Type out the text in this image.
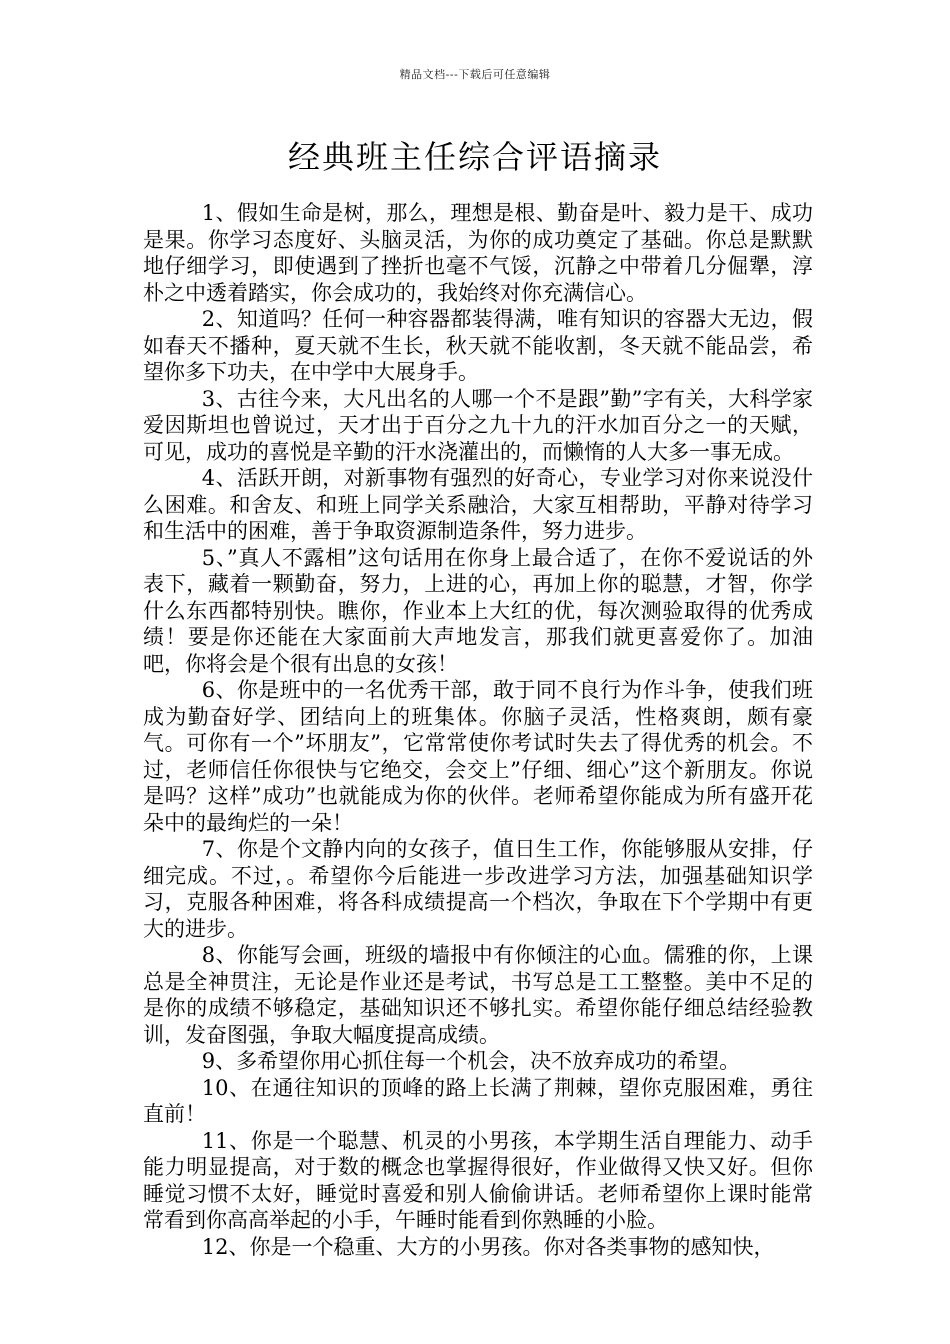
精品文档---下载后可任意编辑
经典班主任综合评语摘录

1、假如生命是树，那么，理想是根、勤奋是叶、毅力是干、成功是果。你学习态度好、头脑灵活，为你的成功奠定了基础。你总是默默地仔细学习，即使遇到了挫折也毫不气馁，沉静之中带着几分倔犟，淳朴之中透着踏实，你会成功的，我始终对你充满信心。

2、知道吗？任何一种容器都装得满，唯有知识的容器大无边，假如春天不播种，夏天就不生长，秋天就不能收割，冬天就不能品尝，希望你多下功夫，在中学中大展身手。

3、古往今来，大凡出名的人哪一个不是跟”勤”字有关，大科学家爱因斯坦也曾说过，天才出于百分之九十九的汗水加百分之一的天赋，可见，成功的喜悦是辛勤的汗水浇灌出的，而懒惰的人大多一事无成。

4、活跃开朗，对新事物有强烈的好奇心，专业学习对你来说没什么困难。和舍友、和班上同学关系融洽，大家互相帮助，平静对待学习和生活中的困难，善于争取资源制造条件，努力进步。

5、”真人不露相”这句话用在你身上最合适了，在你不爱说话的外表下，藏着一颗勤奋，努力，上进的心，再加上你的聪慧，才智，你学什么东西都特别快。瞧你，作业本上大红的优，每次测验取得的优秀成绩！要是你还能在大家面前大声地发言，那我们就更喜爱你了。加油吧，你将会是个很有出息的女孩！

6、你是班中的一名优秀干部，敢于同不良行为作斗争，使我们班成为勤奋好学、团结向上的班集体。你脑子灵活，性格爽朗，颇有豪气。可你有一个”坏朋友”，它常常使你考试时失去了得优秀的机会。不过，老师信任你很快与它绝交，会交上”仔细、细心”这个新朋友。你说是吗？这样”成功”也就能成为你的伙伴。老师希望你能成为所有盛开花朵中的最绚烂的一朵！

7、你是个文静内向的女孩子，值日生工作，你能够服从安排，仔细完成。不过，。希望你今后能进一步改进学习方法，加强基础知识学习，克服各种困难，将各科成绩提高一个档次，争取在下个学期中有更大的进步。

8、你能写会画，班级的墙报中有你倾注的心血。儒雅的你，上课总是全神贯注，无论是作业还是考试，书写总是工工整整。美中不足的是你的成绩不够稳定，基础知识还不够扎实。希望你能仔细总结经验教训，发奋图强，争取大幅度提高成绩。

9、多希望你用心抓住每一个机会，决不放弃成功的希望。

10、在通往知识的顶峰的路上长满了荆棘，望你克服困难，勇往直前！

11、你是一个聪慧、机灵的小男孩，本学期生活自理能力、动手能力明显提高，对于数的概念也掌握得很好，作业做得又快又好。但你睡觉习惯不太好，睡觉时喜爱和别人偷偷讲话。老师希望你上课时能常常看到你高高举起的小手，午睡时能看到你熟睡的小脸。

12、你是一个稳重、大方的小男孩。你对各类事物的感知快，
